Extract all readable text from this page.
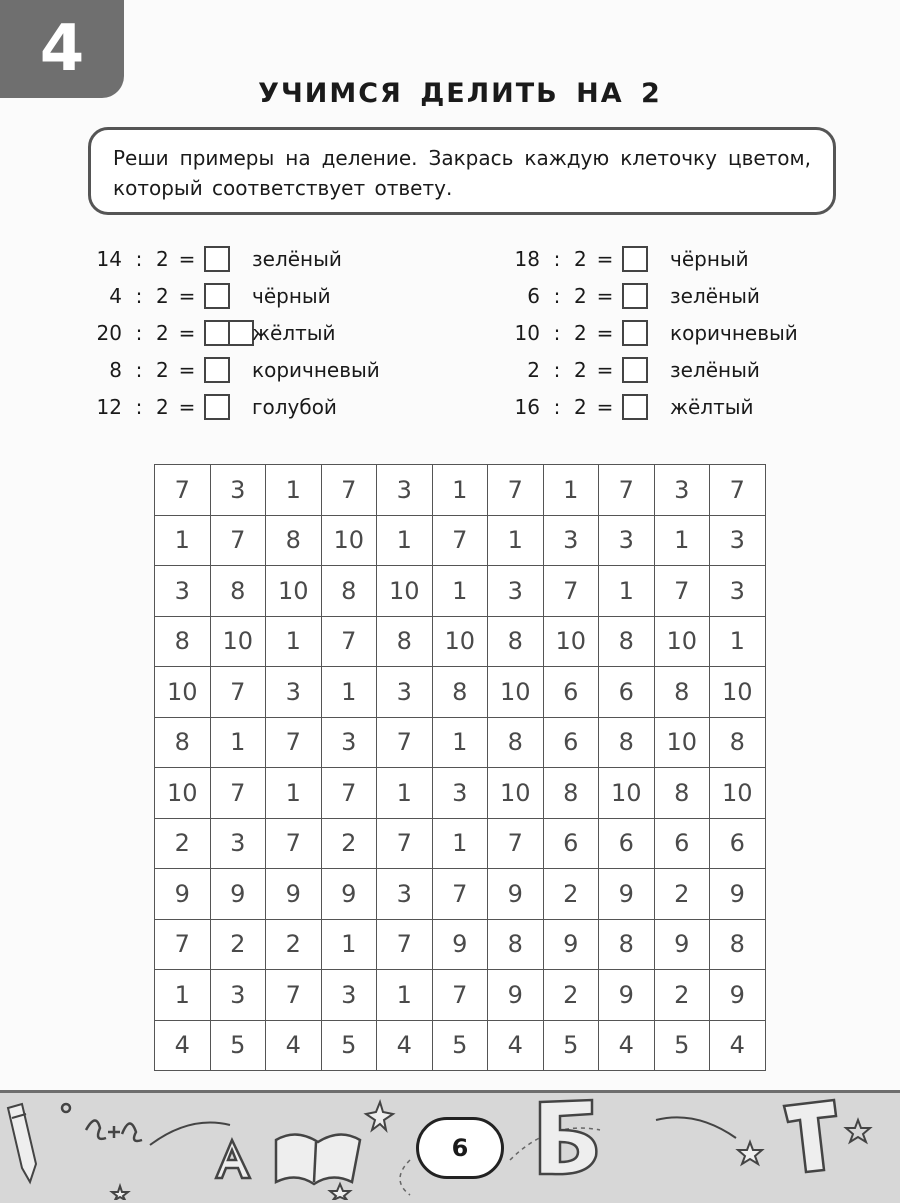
4
УЧИМСЯ ДЕЛИТЬ НА 2
Реши примеры на деление. Закрась каждую клеточку цветом, который соответствует ответу.
14 : 2 =	зелёный
4 : 2 =	чёрный
20 : 2 =	жёлтый
8 : 2 =	коричневый
12 : 2 =	голубой
18 : 2 =	чёрный
6 : 2 =	зелёный
10 : 2 =	коричневый
2 : 2 =	зелёный
16 : 2 =	жёлтый
7	3	1	7	3	1	7	1	7	3	7
1	7	8	10	1	7	1	3	3	1	3
3	8	10	8	10	1	3	7	1	7	3
8	10	1	7	8	10	8	10	8	10	1
10	7	3	1	3	8	10	6	6	8	10
8	1	7	3	7	1	8	6	8	10	8
10	7	1	7	1	3	10	8	10	8	10
2	3	7	2	7	1	7	6	6	6	6
9	9	9	9	3	7	9	2	9	2	9
7	2	2	1	7	9	8	9	8	9	8
1	3	7	3	1	7	9	2	9	2	9
4	5	4	5	4	5	4	5	4	5	4
6
